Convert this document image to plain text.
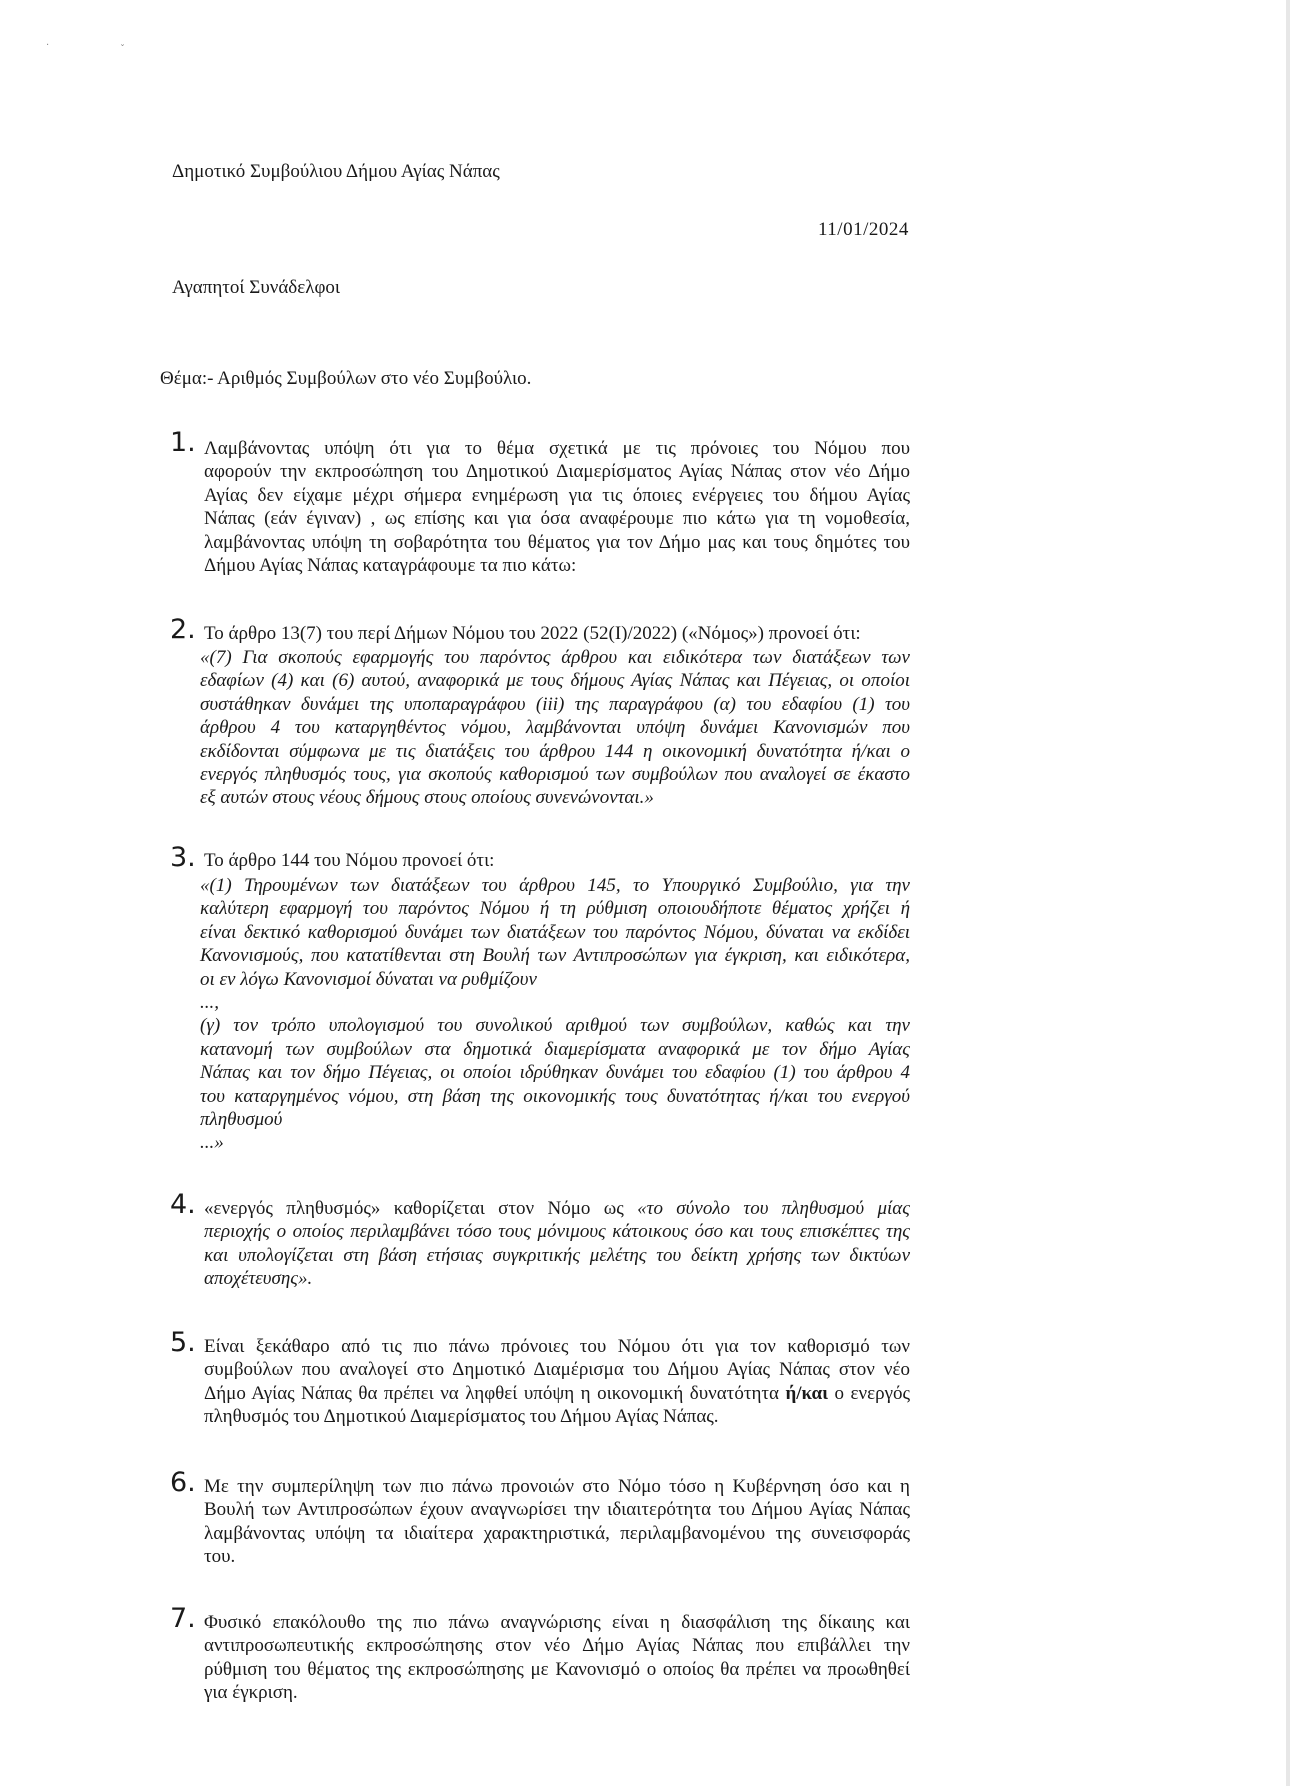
·	ˇ
Δημοτικό Συμβούλιου Δήμου Αγίας Νάπας
11/01/2024
Αγαπητοί Συνάδελφοι
Θέμα:- Αριθμός Συμβούλων στο νέο Συμβούλιο.
1. Λαμβάνοντας υπόψη ότι για το θέμα σχετικά με τις πρόνοιες του Νόμου που
αφορούν την εκπροσώπηση του Δημοτικού Διαμερίσματος Αγίας Νάπας στον νέο Δήμο
Αγίας δεν είχαμε μέχρι σήμερα ενημέρωση για τις όποιες ενέργειες του δήμου Αγίας
Νάπας (εάν έγιναν) , ως επίσης και για όσα αναφέρουμε πιο κάτω για τη νομοθεσία,
λαμβάνοντας υπόψη τη σοβαρότητα του θέματος για τον Δήμο μας και τους δημότες του
Δήμου Αγίας Νάπας καταγράφουμε τα πιο κάτω:
2. Το άρθρο 13(7) του περί Δήμων Νόμου του 2022 (52(Ι)/2022) («Νόμος») προνοεί ότι:
«(7) Για σκοπούς εφαρμογής του παρόντος άρθρου και ειδικότερα των διατάξεων των
εδαφίων (4) και (6) αυτού, αναφορικά με τους δήμους Αγίας Νάπας και Πέγειας, οι οποίοι
συστάθηκαν δυνάμει της υποπαραγράφου (iii) της παραγράφου (α) του εδαφίου (1) του
άρθρου 4 του καταργηθέντος νόμου, λαμβάνονται υπόψη δυνάμει Κανονισμών που
εκδίδονται σύμφωνα με τις διατάξεις του άρθρου 144 η οικονομική δυνατότητα ή/και ο
ενεργός πληθυσμός τους, για σκοπούς καθορισμού των συμβούλων που αναλογεί σε έκαστο
εξ αυτών στους νέους δήμους στους οποίους συνενώνονται.»
3. Το άρθρο 144 του Νόμου προνοεί ότι:
«(1) Τηρουμένων των διατάξεων του άρθρου 145, το Υπουργικό Συμβούλιο, για την
καλύτερη εφαρμογή του παρόντος Νόμου ή τη ρύθμιση οποιουδήποτε θέματος χρήζει ή
είναι δεκτικό καθορισμού δυνάμει των διατάξεων του παρόντος Νόμου, δύναται να εκδίδει
Κανονισμούς, που κατατίθενται στη Βουλή των Αντιπροσώπων για έγκριση, και ειδικότερα,
οι εν λόγω Κανονισμοί δύναται να ρυθμίζουν
...,
(γ) τον τρόπο υπολογισμού του συνολικού αριθμού των συμβούλων, καθώς και την
κατανομή των συμβούλων στα δημοτικά διαμερίσματα αναφορικά με τον δήμο Αγίας
Νάπας και τον δήμο Πέγειας, οι οποίοι ιδρύθηκαν δυνάμει του εδαφίου (1) του άρθρου 4
του καταργημένος νόμου, στη βάση της οικονομικής τους δυνατότητας ή/και του ενεργού
πληθυσμού
...»
4. «ενεργός πληθυσμός» καθορίζεται στον Νόμο ως «το σύνολο του πληθυσμού μίας
περιοχής ο οποίος περιλαμβάνει τόσο τους μόνιμους κάτοικους όσο και τους επισκέπτες της
και υπολογίζεται στη βάση ετήσιας συγκριτικής μελέτης του δείκτη χρήσης των δικτύων
αποχέτευσης».
5. Είναι ξεκάθαρο από τις πιο πάνω πρόνοιες του Νόμου ότι για τον καθορισμό των
συμβούλων που αναλογεί στο Δημοτικό Διαμέρισμα του Δήμου Αγίας Νάπας στον νέο
Δήμο Αγίας Νάπας θα πρέπει να ληφθεί υπόψη η οικονομική δυνατότητα ή/και ο ενεργός
πληθυσμός του Δημοτικού Διαμερίσματος του Δήμου Αγίας Νάπας.
6. Με την συμπερίληψη των πιο πάνω προνοιών στο Νόμο τόσο η Κυβέρνηση όσο και η
Βουλή των Αντιπροσώπων έχουν αναγνωρίσει την ιδιαιτερότητα του Δήμου Αγίας Νάπας
λαμβάνοντας υπόψη τα ιδιαίτερα χαρακτηριστικά, περιλαμβανομένου της συνεισφοράς
του.
7. Φυσικό επακόλουθο της πιο πάνω αναγνώρισης είναι η διασφάλιση της δίκαιης και
αντιπροσωπευτικής εκπροσώπησης στον νέο Δήμο Αγίας Νάπας που επιβάλλει την
ρύθμιση του θέματος της εκπροσώπησης με Κανονισμό ο οποίος θα πρέπει να προωθηθεί
για έγκριση.
